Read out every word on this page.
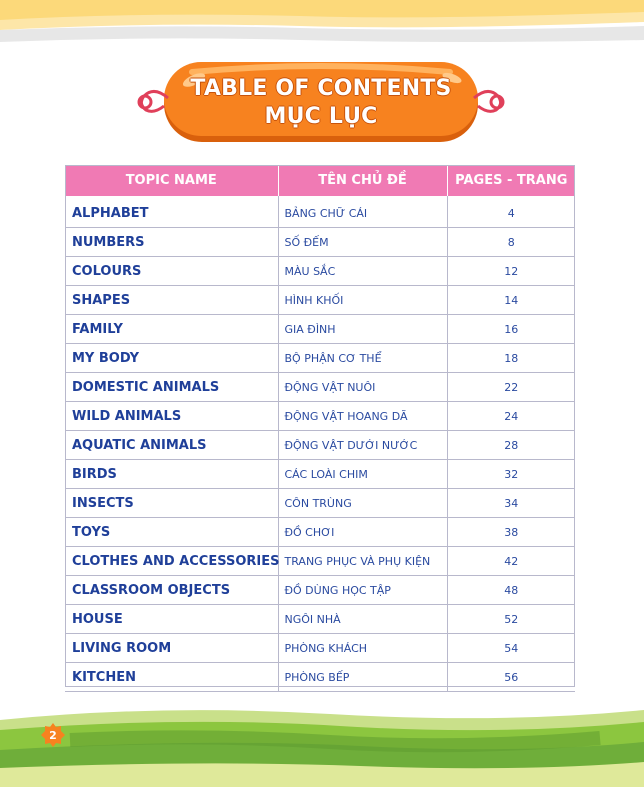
TABLE OF CONTENTS
MỤC LỤC
TOPIC NAME	TÊN CHỦ ĐỀ	PAGES - TRANG
ALPHABET	BẢNG CHỮ CÁI	4
NUMBERS	SỐ ĐẾM	8
COLOURS	MÀU SẮC	12
SHAPES	HÌNH KHỐI	14
FAMILY	GIA ĐÌNH	16
MY BODY	BỘ PHẬN CƠ THỂ	18
DOMESTIC ANIMALS	ĐỘNG VẬT NUÔI	22
WILD ANIMALS	ĐỘNG VẬT HOANG DÃ	24
AQUATIC ANIMALS	ĐỘNG VẬT DƯỚI NƯỚC	28
BIRDS	CÁC LOÀI CHIM	32
INSECTS	CÔN TRÙNG	34
TOYS	ĐỒ CHƠI	38
CLOTHES AND ACCESSORIES	TRANG PHỤC VÀ PHỤ KIỆN	42
CLASSROOM OBJECTS	ĐỒ DÙNG HỌC TẬP	48
HOUSE	NGÔI NHÀ	52
LIVING ROOM	PHÒNG KHÁCH	54
KITCHEN	PHÒNG BẾP	56
2
